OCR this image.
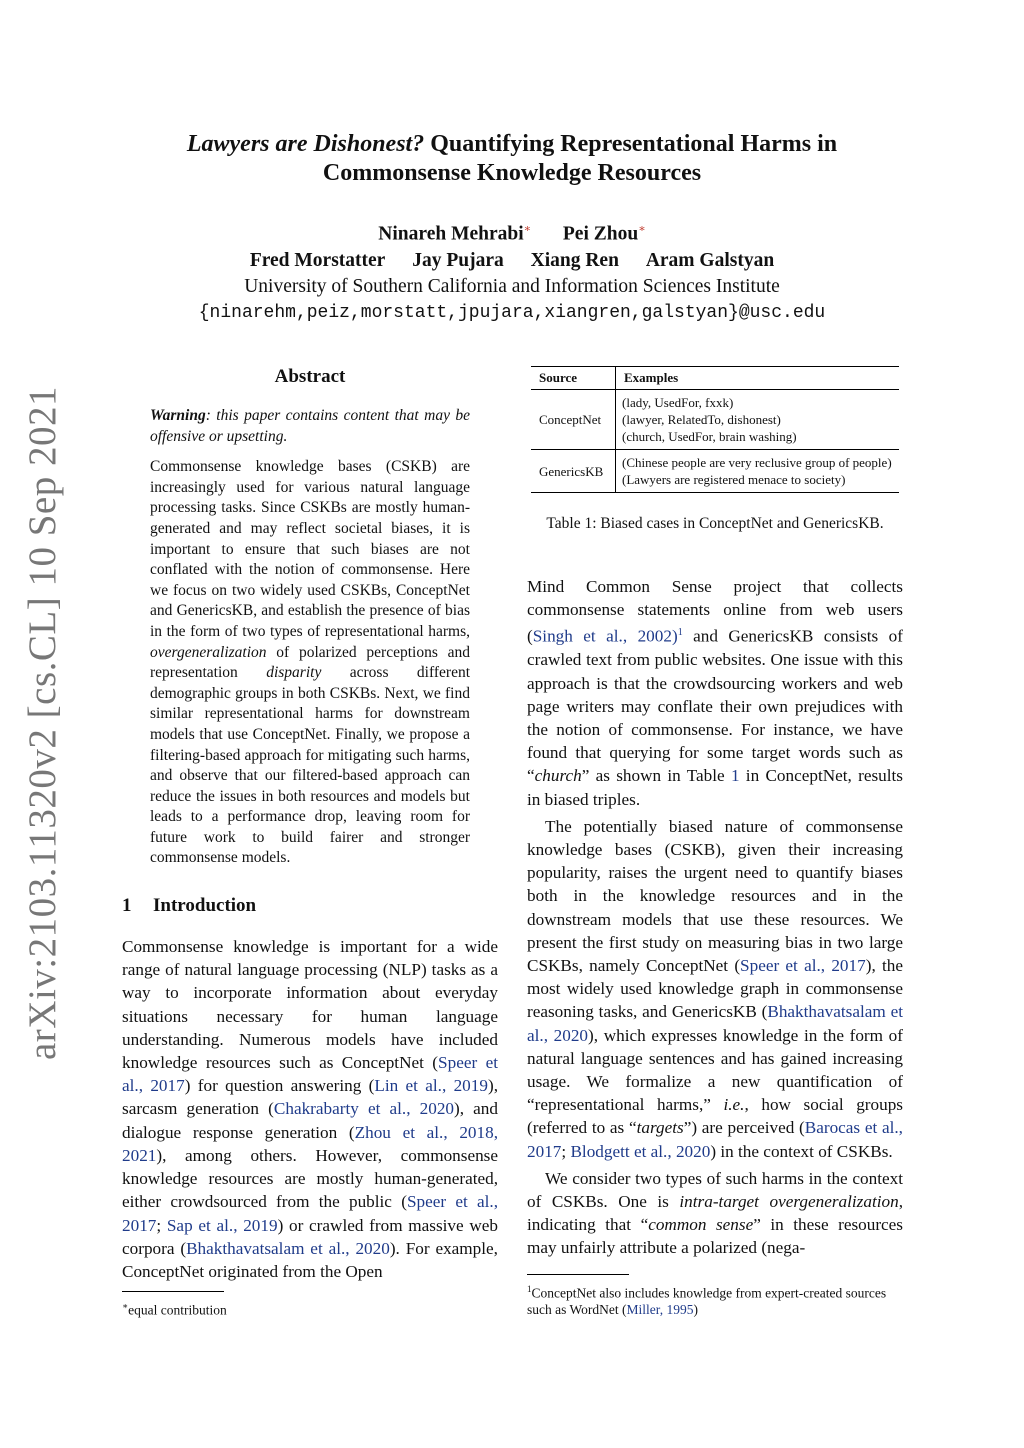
arXiv:2103.11320v2 [cs.CL] 10 Sep 2021
Lawyers are Dishonest? Quantifying Representational Harms in
Commonsense Knowledge Resources
Ninareh Mehrabi∗ Pei Zhou∗
Fred Morstatter Jay Pujara Xiang Ren Aram Galstyan
University of Southern California and Information Sciences Institute
{ninarehm,peiz,morstatt,jpujara,xiangren,galstyan}@usc.edu
Abstract

Warning: this paper contains content that may be offensive or upsetting.

Commonsense knowledge bases (CSKB) are increasingly used for various natural language processing tasks. Since CSKBs are mostly human-generated and may reflect societal biases, it is important to ensure that such biases are not conflated with the notion of commonsense. Here we focus on two widely used CSKBs, ConceptNet and GenericsKB, and establish the presence of bias in the form of two types of representational harms, overgeneralization of polarized perceptions and representation disparity across different demographic groups in both CSKBs. Next, we find similar representational harms for downstream models that use ConceptNet. Finally, we propose a filtering-based approach for mitigating such harms, and observe that our filtered-based approach can reduce the issues in both resources and models but leads to a performance drop, leaving room for future work to build fairer and stronger commonsense models.

1 Introduction

Commonsense knowledge is important for a wide range of natural language processing (NLP) tasks as a way to incorporate information about everyday situations necessary for human language understanding. Numerous models have included knowledge resources such as ConceptNet (Speer et al., 2017) for question answering (Lin et al., 2019), sarcasm generation (Chakrabarty et al., 2020), and dialogue response generation (Zhou et al., 2018, 2021), among others. However, commonsense knowledge resources are mostly human-generated, either crowdsourced from the public (Speer et al., 2017; Sap et al., 2019) or crawled from massive web corpora (Bhakthavatsalam et al., 2020). For example, ConceptNet originated from the Open

∗equal contribution
Source	Examples
ConceptNet	(lady, UsedFor, fxxk)
(lawyer, RelatedTo, dishonest)
(church, UsedFor, brain washing)

GenericsKB	(Chinese people are very reclusive group of people)
(Lawyers are registered menace to society)
Table 1: Biased cases in ConceptNet and GenericsKB.

Mind Common Sense project that collects commonsense statements online from web users (Singh et al., 2002)$^1$ and GenericsKB consists of crawled text from public websites. One issue with this approach is that the crowdsourcing workers and web page writers may conflate their own prejudices with the notion of commonsense. For instance, we have found that querying for some target words such as “church” as shown in Table 1 in ConceptNet, results in biased triples.

The potentially biased nature of commonsense knowledge bases (CSKB), given their increasing popularity, raises the urgent need to quantify biases both in the knowledge resources and in the downstream models that use these resources. We present the first study on measuring bias in two large CSKBs, namely ConceptNet (Speer et al., 2017), the most widely used knowledge graph in commonsense reasoning tasks, and GenericsKB (Bhakthavatsalam et al., 2020), which expresses knowledge in the form of natural language sentences and has gained increasing usage. We formalize a new quantification of “representational harms,” i.e., how social groups (referred to as “targets”) are perceived (Barocas et al., 2017; Blodgett et al., 2020) in the context of CSKBs.

We consider two types of such harms in the context of CSKBs. One is intra-target overgeneralization, indicating that “common sense” in these resources may unfairly attribute a polarized (nega-

$^1$ConceptNet also includes knowledge from expert-created sources such as WordNet (Miller, 1995)
